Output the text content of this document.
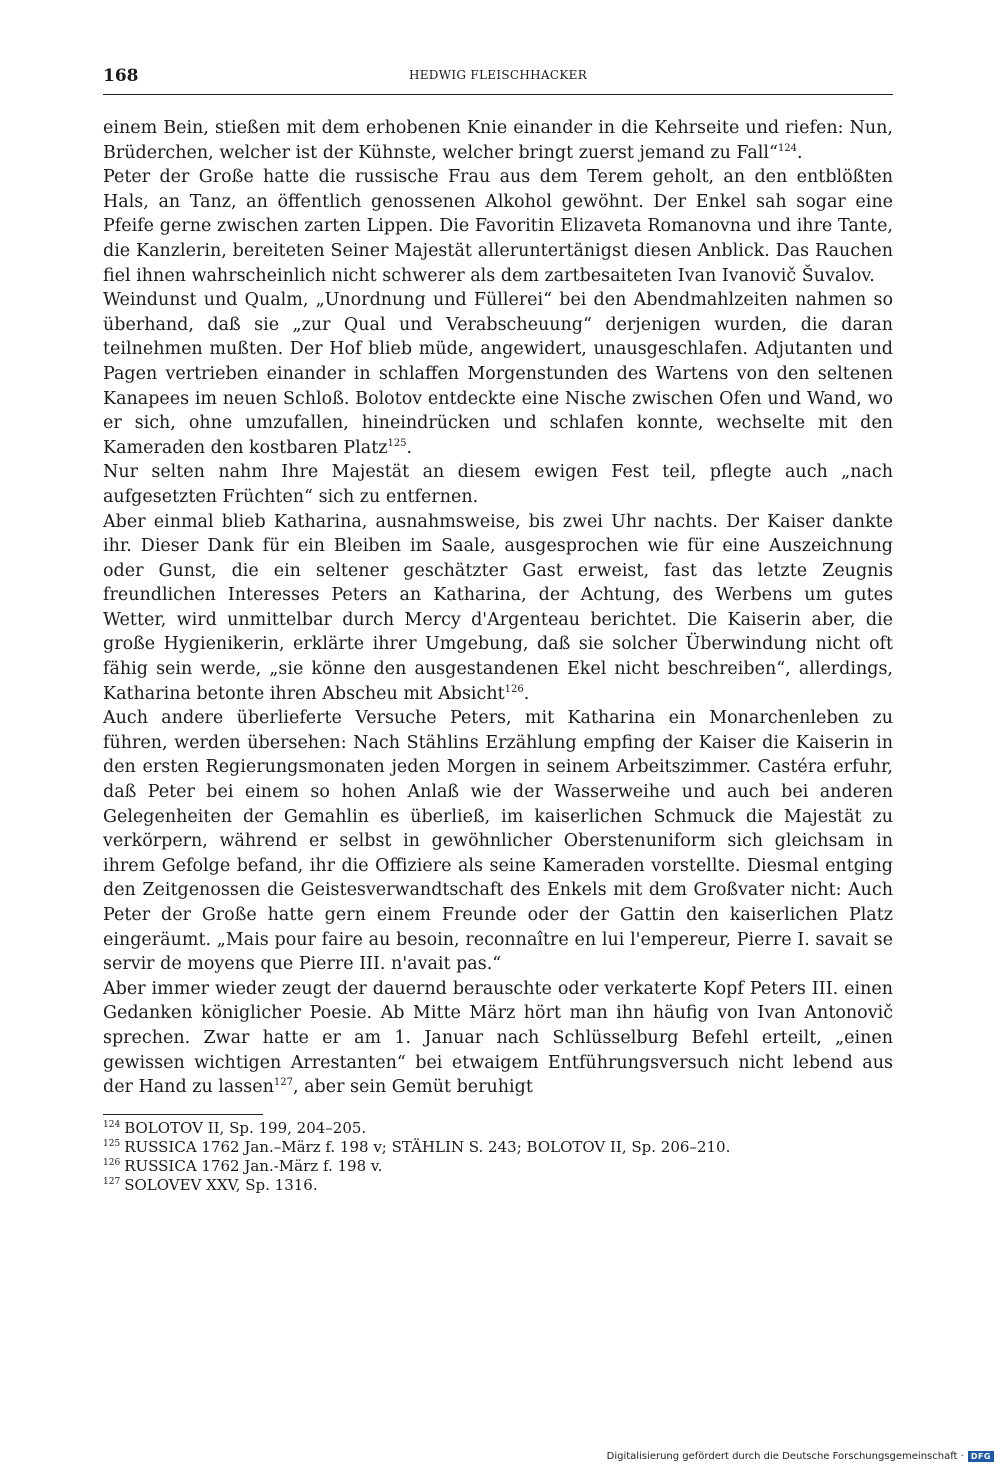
168	HEDWIG FLEISCHHACKER

einem Bein, stießen mit dem erhobenen Knie einander in die Kehrseite und riefen: Nun, Brüderchen, welcher ist der Kühnste, welcher bringt zuerst jemand zu Fall“$^{124}$.

Peter der Große hatte die russische Frau aus dem Terem geholt, an den entblößten Hals, an Tanz, an öffentlich genossenen Alkohol gewöhnt. Der Enkel sah sogar eine Pfeife gerne zwischen zarten Lippen. Die Favoritin Elizaveta Romanovna und ihre Tante, die Kanzlerin, bereiteten Seiner Majestät alleruntertänigst diesen Anblick. Das Rauchen fiel ihnen wahrscheinlich nicht schwerer als dem zartbesaiteten Ivan Ivanovič Šuvalov.

Weindunst und Qualm, „Unordnung und Füllerei“ bei den Abendmahlzeiten nahmen so überhand, daß sie „zur Qual und Verabscheuung“ derjenigen wurden, die daran teilnehmen mußten. Der Hof blieb müde, angewidert, unausgeschlafen. Adjutanten und Pagen vertrieben einander in schlaffen Morgenstunden des Wartens von den seltenen Kanapees im neuen Schloß. Bolotov entdeckte eine Nische zwischen Ofen und Wand, wo er sich, ohne umzufallen, hineindrücken und schlafen konnte, wechselte mit den Kameraden den kostbaren Platz$^{125}$.

Nur selten nahm Ihre Majestät an diesem ewigen Fest teil, pflegte auch „nach aufgesetzten Früchten“ sich zu entfernen.

Aber einmal blieb Katharina, ausnahmsweise, bis zwei Uhr nachts. Der Kaiser dankte ihr. Dieser Dank für ein Bleiben im Saale, ausgesprochen wie für eine Auszeichnung oder Gunst, die ein seltener geschätzter Gast erweist, fast das letzte Zeugnis freundlichen Interesses Peters an Katharina, der Achtung, des Werbens um gutes Wetter, wird unmittelbar durch Mercy d'Argenteau berichtet. Die Kaiserin aber, die große Hygienikerin, erklärte ihrer Umgebung, daß sie solcher Überwindung nicht oft fähig sein werde, „sie könne den ausgestandenen Ekel nicht beschreiben“, allerdings, Katharina betonte ihren Abscheu mit Absicht$^{126}$.

Auch andere überlieferte Versuche Peters, mit Katharina ein Monarchenleben zu führen, werden übersehen: Nach Stählins Erzählung empfing der Kaiser die Kaiserin in den ersten Regierungsmonaten jeden Morgen in seinem Arbeitszimmer. Castéra erfuhr, daß Peter bei einem so hohen Anlaß wie der Wasserweihe und auch bei anderen Gelegenheiten der Gemahlin es überließ, im kaiserlichen Schmuck die Majestät zu verkörpern, während er selbst in gewöhnlicher Oberstenuniform sich gleichsam in ihrem Gefolge befand, ihr die Offiziere als seine Kameraden vorstellte. Diesmal entging den Zeitgenossen die Geistesverwandtschaft des Enkels mit dem Großvater nicht: Auch Peter der Große hatte gern einem Freunde oder der Gattin den kaiserlichen Platz eingeräumt. „Mais pour faire au besoin, reconnaître en lui l'empereur, Pierre I. savait se servir de moyens que Pierre III. n'avait pas.“

Aber immer wieder zeugt der dauernd berauschte oder verkaterte Kopf Peters III. einen Gedanken königlicher Poesie. Ab Mitte März hört man ihn häufig von Ivan Antonovič sprechen. Zwar hatte er am 1. Januar nach Schlüsselburg Befehl erteilt, „einen gewissen wichtigen Arrestanten“ bei etwaigem Entführungsversuch nicht lebend aus der Hand zu lassen$^{127}$, aber sein Gemüt beruhigt

$^{124}$ BOLOTOV II, Sp. 199, 204–205.

$^{125}$ RUSSICA 1762 Jan.–März f. 198 v; STÄHLIN S. 243; BOLOTOV II, Sp. 206–210.

$^{126}$ RUSSICA 1762 Jan.-März f. 198 v.

$^{127}$ SOLOVEV XXV, Sp. 1316.

Digitalisierung gefördert durch die Deutsche Forschungsgemeinschaft · DFG
